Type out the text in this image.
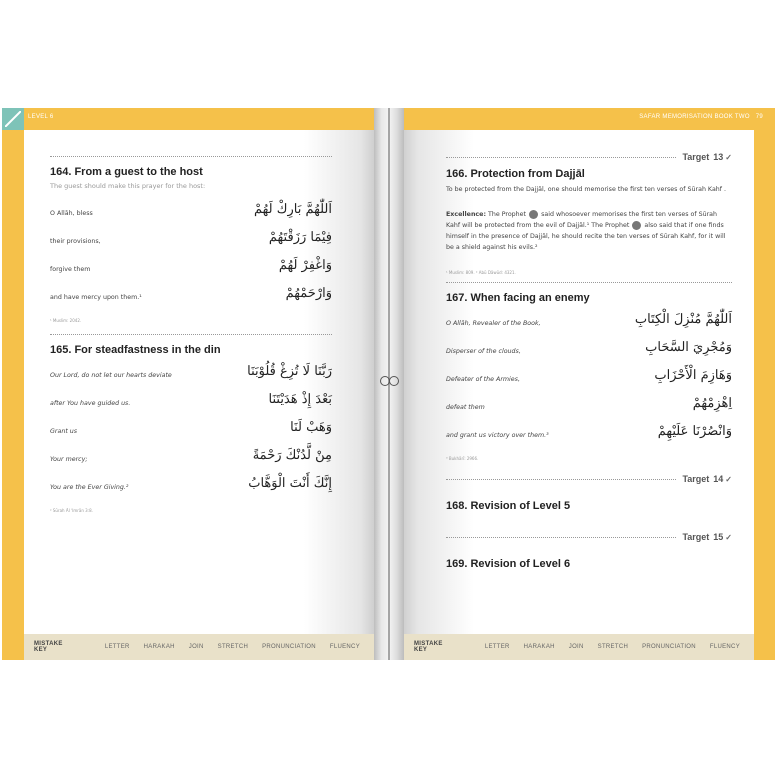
LEVEL 6
164. From a guest to the host
The guest should make this prayer for the host:
O Allāh, bless	اَللّٰهُمَّ بَارِكْ لَهُمْ
their provisions,	فِيْمَا رَزَقْتَهُمْ
forgive them	وَاغْفِرْ لَهُمْ
and have mercy upon them.¹	وَارْحَمْهُمْ
¹ Muslim: 2042.
165. For steadfastness in the din
Our Lord, do not let our hearts deviate	رَبَّنَا لَا تُزِغْ قُلُوْبَنَا
after You have guided us.	بَعْدَ إِذْ هَدَيْتَنَا
Grant us	وَهَبْ لَنَا
Your mercy;	مِنْ لَّدُنْكَ رَحْمَةً
You are the Ever Giving.²	إِنَّكَ أَنْتَ الْوَهَّابُ
² Sūrah Āl ʿImrān 3:8.
MISTAKE KEY	LETTER HARAKAH JOIN STRETCH PRONUNCIATION FLUENCY
SAFAR MEMORISATION BOOK TWO 79
Target 13 ✓
166. Protection from Dajjāl
To be protected from the Dajjāl, one should memorise the first ten verses of Sūrah Kahf .
Excellence: The Prophet said whosoever memorises the first ten verses of Sūrah Kahf will be protected from the evil of Dajjāl.¹ The Prophet also said that if one finds himself in the presence of Dajjāl, he should recite the ten verses of Sūrah Kahf, for it will be a shield against his evils.²
¹ Muslim: 809. ² Abū Dāwūd: 4321.
167. When facing an enemy
O Allāh, Revealer of the Book,	اَللّٰهُمَّ مُنْزِلَ الْكِتَابِ
Disperser of the clouds,	وَمُجْرِيَ السَّحَابِ
Defeater of the Armies,	وَهَازِمَ الْأَحْزَابِ
defeat them	اِهْزِمْهُمْ
and grant us victory over them.³	وَانْصُرْنَا عَلَيْهِمْ
³ Bukhārī: 2966.
Target 14 ✓
168. Revision of Level 5
Target 15 ✓
169. Revision of Level 6
MISTAKE KEY	LETTER HARAKAH JOIN STRETCH PRONUNCIATION FLUENCY
